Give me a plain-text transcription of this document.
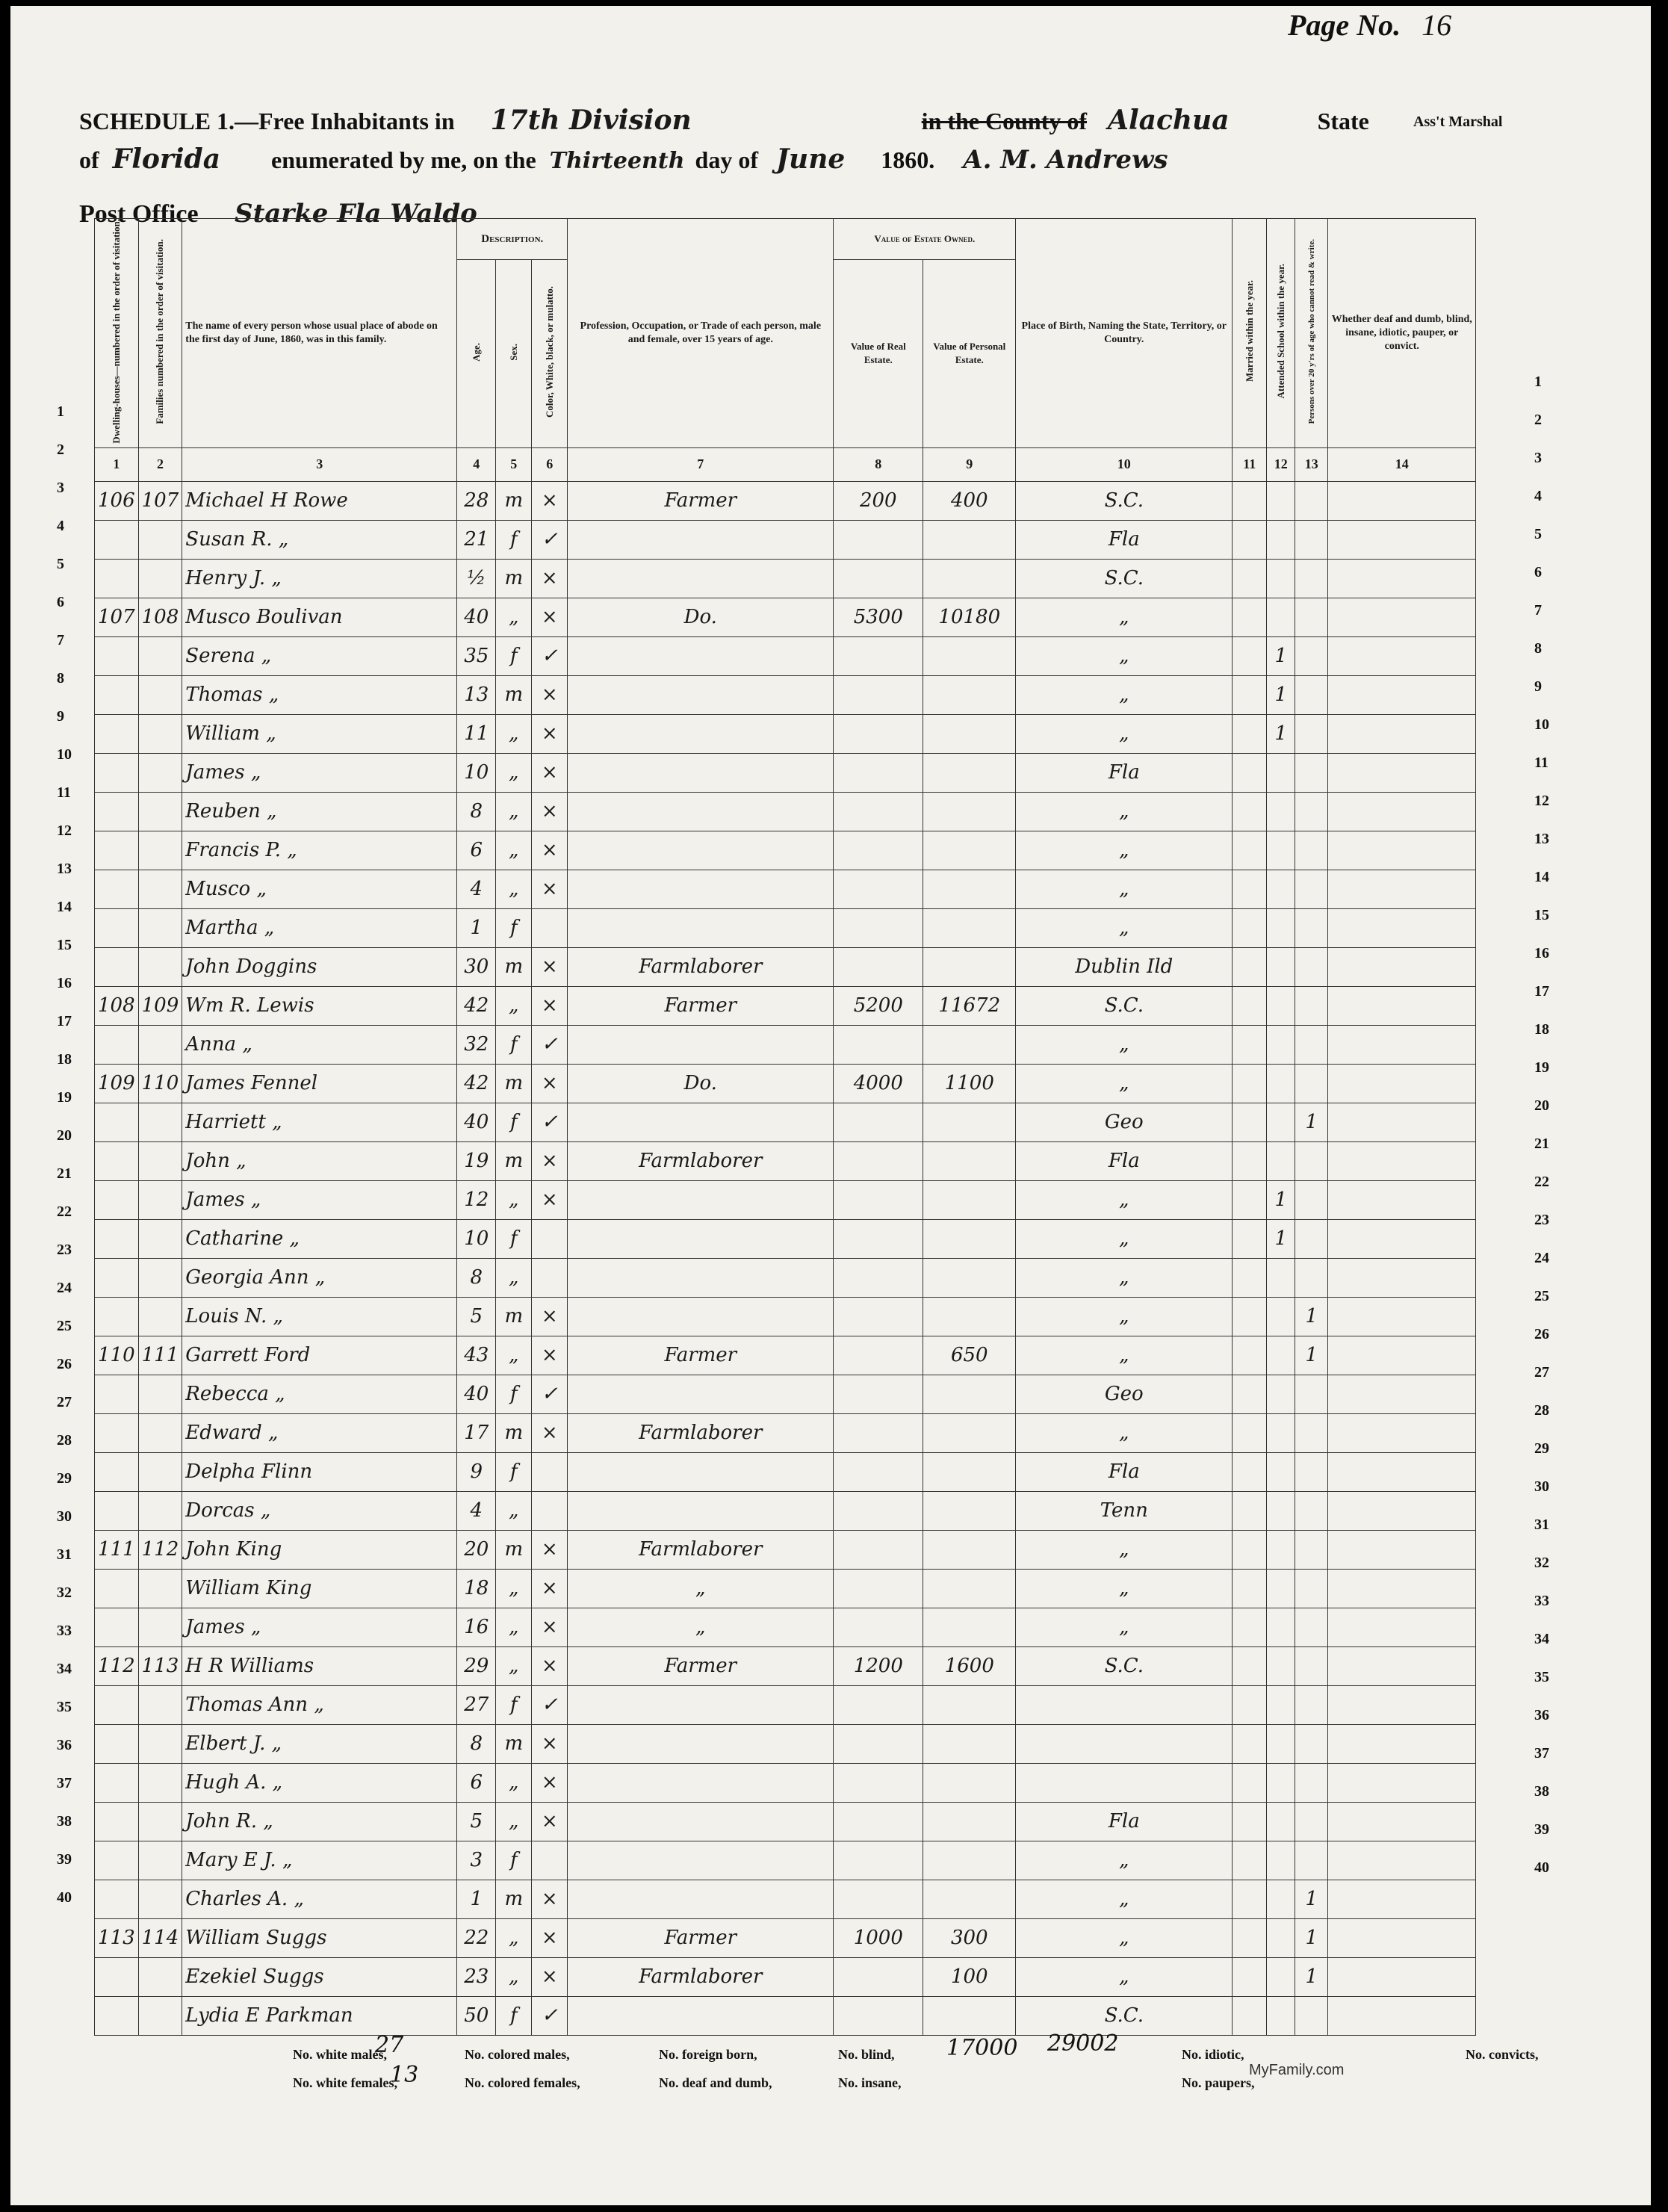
Page No. 16
SCHEDULE 1.—Free Inhabitants in 17th Division	in the County of Alachua	State
of Florida enumerated by me, on the Thirteenth day of June 1860. A. M. Andrews
Ass't Marshal
Post Office Starke Fla Waldo
Dwelling-houses—numbered in the order of visitation.	Families numbered in the order of visitation.	The name of every person whose usual place of abode on the first day of June, 1860, was in this family.	Description.			Profession, Occupation, or Trade of each person, male and female, over 15 years of age.	Value of Estate Owned.		Place of Birth, Naming the State, Territory, or Country.	Married within the year.	Attended School within the year.	Persons over 20 y'rs of age who cannot read & write.	Whether deaf and dumb, blind, insane, idiotic, pauper, or convict.
			Age.	Sex.	Color, White, black, or mulatto.		Value of Real Estate.	Value of Personal Estate.					
1	2	3	4	5	6	7	8	9	10	11	12	13	14
106	107	Michael H Rowe	28	m	×	Farmer	200	400	S.C.				
		Susan R. „	21	f	✓				Fla				
		Henry J. „	½	m	×				S.C.				
107	108	Musco Boulivan	40	„	×	Do.	5300	10180	„				
		Serena „	35	f	✓				„		1		
		Thomas „	13	m	×				„		1		
		William „	11	„	×				„		1		
		James „	10	„	×				Fla				
		Reuben „	8	„	×				„				
		Francis P. „	6	„	×				„				
		Musco „	4	„	×				„				
		Martha „	1	f					„				
		John Doggins	30	m	×	Farmlaborer			Dublin Ild				
108	109	Wm R. Lewis	42	„	×	Farmer	5200	11672	S.C.				
		Anna „	32	f	✓				„				
109	110	James Fennel	42	m	×	Do.	4000	1100	„				
		Harriett „	40	f	✓				Geo			1	
		John „	19	m	×	Farmlaborer			Fla				
		James „	12	„	×				„		1		
		Catharine „	10	f					„		1		
		Georgia Ann „	8	„					„				
		Louis N. „	5	m	×				„			1	
110	111	Garrett Ford	43	„	×	Farmer		650	„			1	
		Rebecca „	40	f	✓				Geo				
		Edward „	17	m	×	Farmlaborer			„				
		Delpha Flinn	9	f					Fla				
		Dorcas „	4	„					Tenn				
111	112	John King	20	m	×	Farmlaborer			„				
		William King	18	„	×	„			„				
		James „	16	„	×	„			„				
112	113	H R Williams	29	„	×	Farmer	1200	1600	S.C.				
		Thomas Ann „	27	f	✓								
		Elbert J. „	8	m	×								
		Hugh A. „	6	„	×								
		John R. „	5	„	×				Fla				
		Mary E J. „	3	f					„				
		Charles A. „	1	m	×				„			1	
113	114	William Suggs	22	„	×	Farmer	1000	300	„			1	
		Ezekiel Suggs	23	„	×	Farmlaborer		100	„			1	
		Lydia E Parkman	50	f	✓				S.C.				
No. white males,
27
No. white females,
13
No. colored males,
No. colored females,
No. foreign born,
No. deaf and dumb,
No. blind,
No. insane,
17000 29002	No. idiotic,
No. paupers,
No. convicts,
MyFamily.com
1
2
3
4
5
6
7
8
9
10
11
12
13
14
15
16
17
18
19
20
21
22
23
24
25
26
27
28
29
30
31
32
33
34
35
36
37
38
39
40
1
2
3
4
5
6
7
8
9
10
11
12
13
14
15
16
17
18
19
20
21
22
23
24
25
26
27
28
29
30
31
32
33
34
35
36
37
38
39
40
